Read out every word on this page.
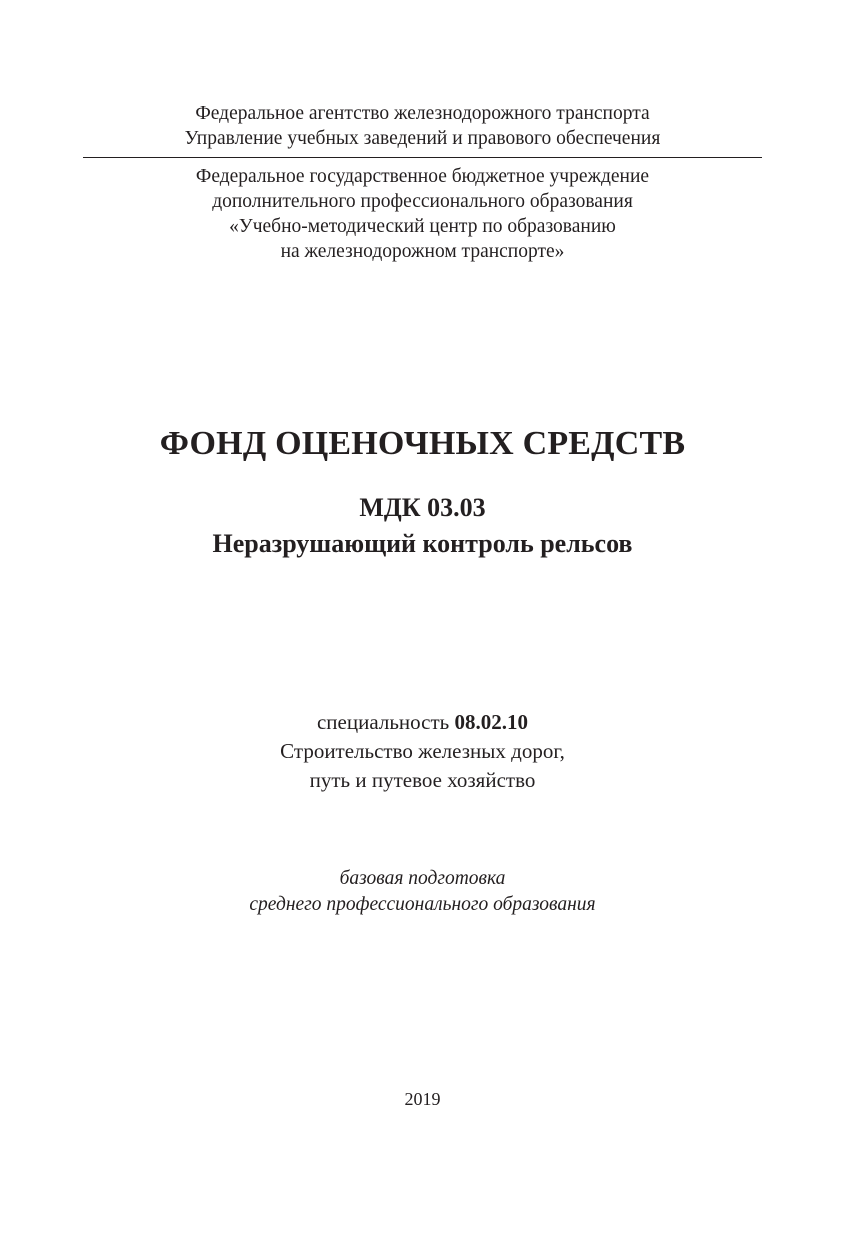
Федеральное агентство железнодорожного транспорта
Управление учебных заведений и правового обеспечения
Федеральное государственное бюджетное учреждение
дополнительного профессионального образования
«Учебно-методический центр по образованию
на железнодорожном транспорте»
ФОНД ОЦЕНОЧНЫХ СРЕДСТВ
МДК 03.03
Неразрушающий контроль рельсов
специальность 08.02.10
Строительство железных дорог,
путь и путевое хозяйство
базовая подготовка
среднего профессионального образования
2019
